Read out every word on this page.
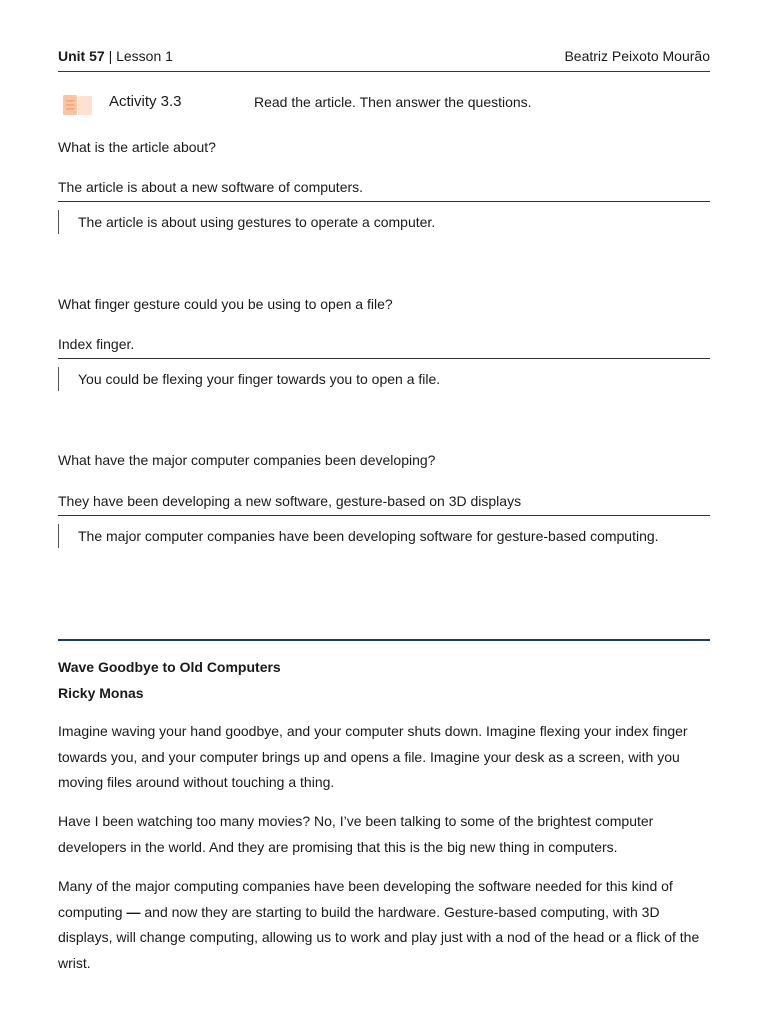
Unit 57 | Lesson 1	Beatriz Peixoto Mourão
Activity 3.3	Read the article. Then answer the questions.
What is the article about?
The article is about a new software of computers.
The article is about using gestures to operate a computer.
What finger gesture could you be using to open a file?
Index finger.
You could be flexing your finger towards you to open a file.
What have the major computer companies been developing?
They have been developing a new software, gesture-based on 3D displays
The major computer companies have been developing software for gesture-based computing.
Wave Goodbye to Old Computers
Ricky Monas

Imagine waving your hand goodbye, and your computer shuts down. Imagine flexing your index finger towards you, and your computer brings up and opens a file. Imagine your desk as a screen, with you moving files around without touching a thing.

Have I been watching too many movies? No, I’ve been talking to some of the brightest computer developers in the world. And they are promising that this is the big new thing in computers.

Many of the major computing companies have been developing the software needed for this kind of computing — and now they are starting to build the hardware. Gesture-based computing, with 3D displays, will change computing, allowing us to work and play just with a nod of the head or a flick of the wrist.
